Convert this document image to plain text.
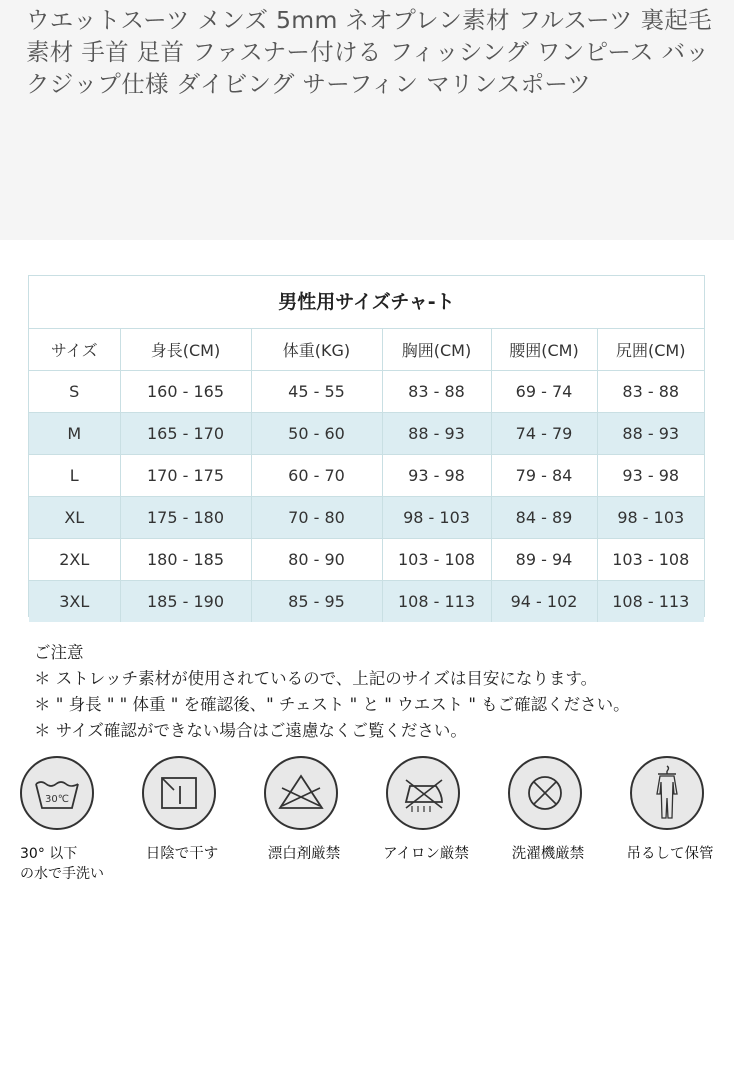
ウエットスーツ メンズ 5mm ネオプレン素材 フルスーツ 裏起毛素材 手首 足首 ファスナー付ける フィッシング ワンピース バックジップ仕様 ダイビング サーフィン マリンスポーツ
男性用サイズチャ-ト
サイズ	身長(CM)	体重(KG)	胸囲(CM)	腰囲(CM)	尻囲(CM)
S	160 - 165	45 - 55	83 - 88	69 - 74	83 - 88
M	165 - 170	50 - 60	88 - 93	74 - 79	88 - 93
L	170 - 175	60 - 70	93 - 98	79 - 84	93 - 98
XL	175 - 180	70 - 80	98 - 103	84 - 89	98 - 103
2XL	180 - 185	80 - 90	103 - 108	89 - 94	103 - 108
3XL	185 - 190	85 - 95	108 - 113	94 - 102	108 - 113
ご注意
＊ ストレッチ素材が使用されているので、上記のサイズは目安になります。
＊ " 身長 " " 体重 " を確認後、" チェスト " と " ウエスト " もご確認ください。
＊ サイズ確認ができない場合はご遠慮なくご覧ください。
30℃
30° 以下
の水で手洗い
日陰で干す	漂白剤厳禁	アイロン厳禁	洗濯機厳禁	吊るして保管
